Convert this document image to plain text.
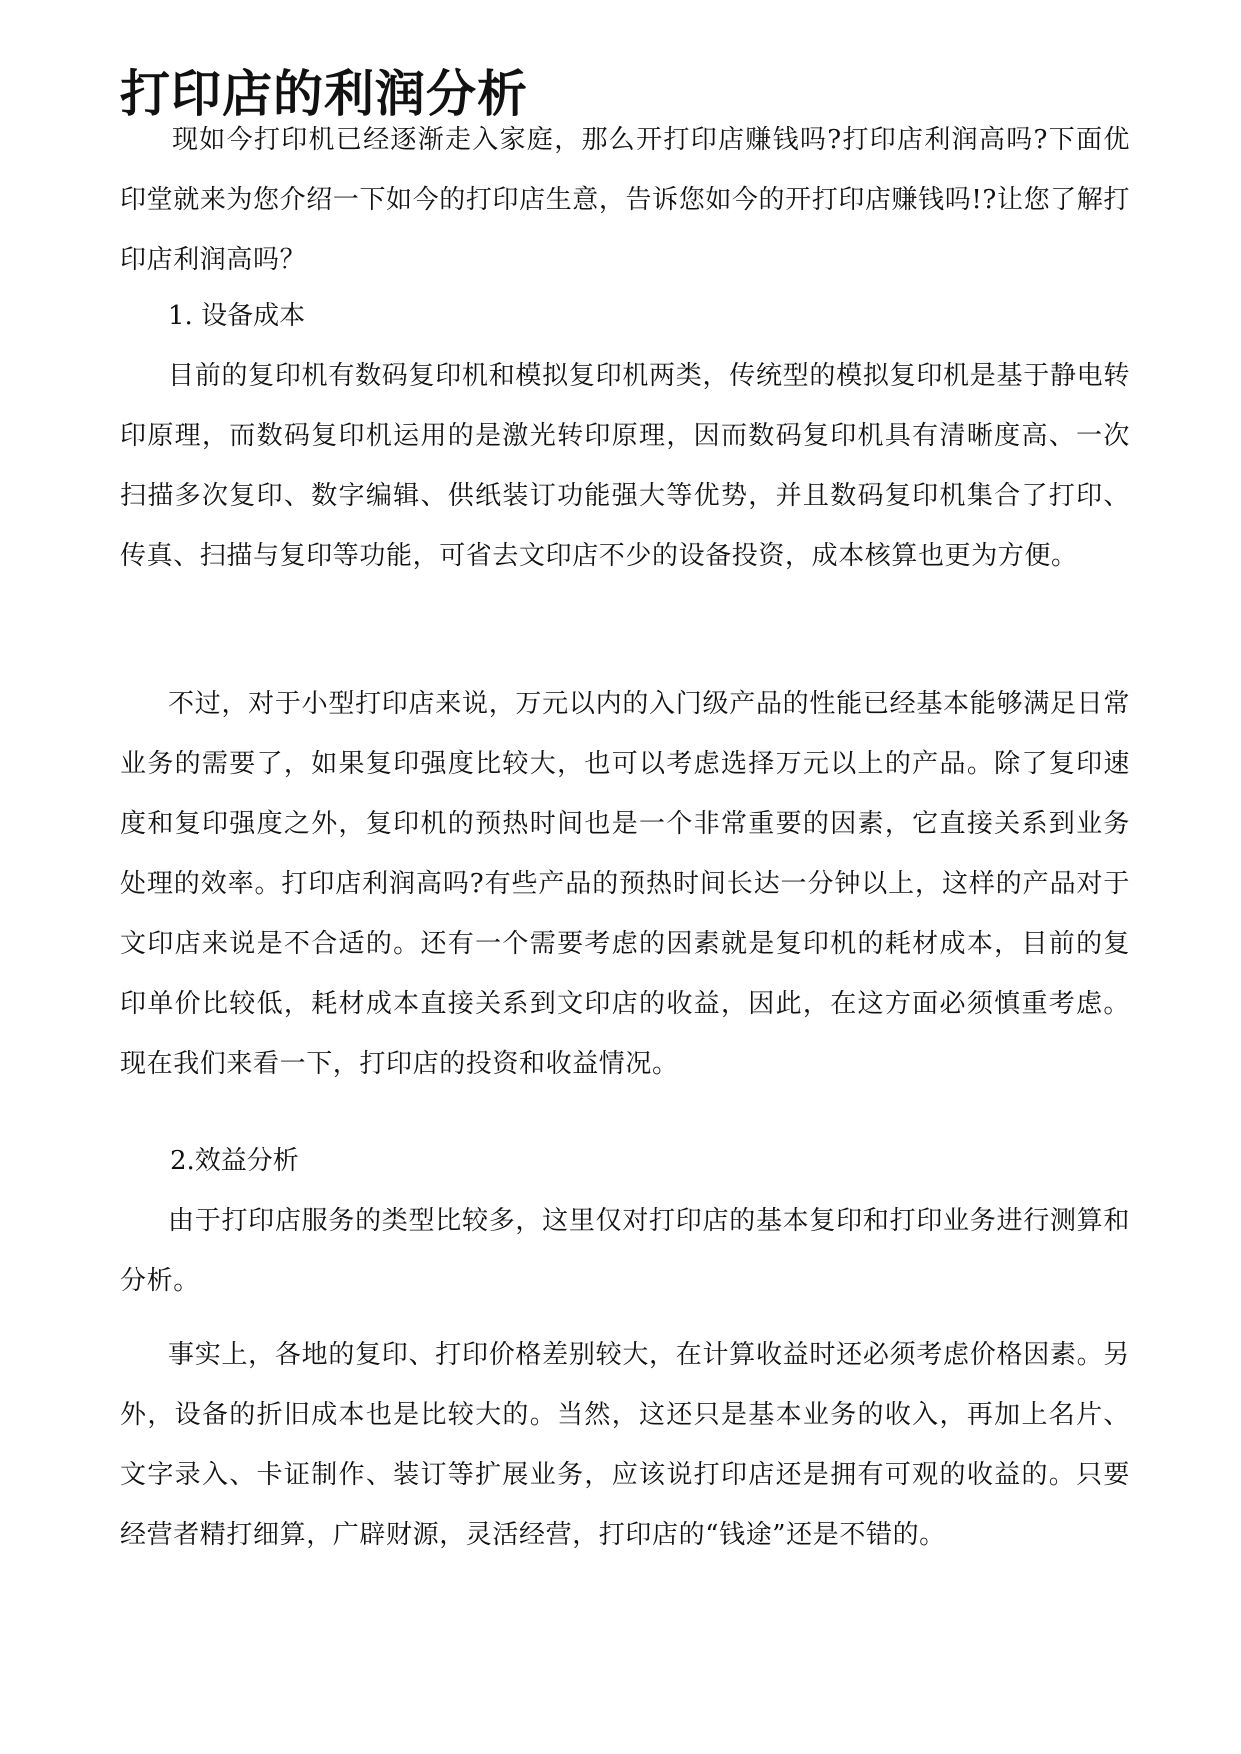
打印店的利润分析

现如今打印机已经逐渐走入家庭，那么开打印店赚钱吗?打印店利润高吗?下面优印堂就来为您介绍一下如今的打印店生意，告诉您如今的开打印店赚钱吗!?让您了解打印店利润高吗？

1. 设备成本

目前的复印机有数码复印机和模拟复印机两类，传统型的模拟复印机是基于静电转印原理，而数码复印机运用的是激光转印原理，因而数码复印机具有清晰度高、一次扫描多次复印、数字编辑、供纸装订功能强大等优势，并且数码复印机集合了打印、传真、扫描与复印等功能，可省去文印店不少的设备投资，成本核算也更为方便。

不过，对于小型打印店来说，万元以内的入门级产品的性能已经基本能够满足日常业务的需要了，如果复印强度比较大，也可以考虑选择万元以上的产品。除了复印速度和复印强度之外，复印机的预热时间也是一个非常重要的因素，它直接关系到业务处理的效率。打印店利润高吗?有些产品的预热时间长达一分钟以上，这样的产品对于文印店来说是不合适的。还有一个需要考虑的因素就是复印机的耗材成本，目前的复印单价比较低，耗材成本直接关系到文印店的收益，因此，在这方面必须慎重考虑。现在我们来看一下，打印店的投资和收益情况。

2.效益分析

由于打印店服务的类型比较多，这里仅对打印店的基本复印和打印业务进行测算和分析。

事实上，各地的复印、打印价格差别较大，在计算收益时还必须考虑价格因素。另外，设备的折旧成本也是比较大的。当然，这还只是基本业务的收入，再加上名片、文字录入、卡证制作、装订等扩展业务，应该说打印店还是拥有可观的收益的。只要经营者精打细算，广辟财源，灵活经营，打印店的“钱途”还是不错的。
